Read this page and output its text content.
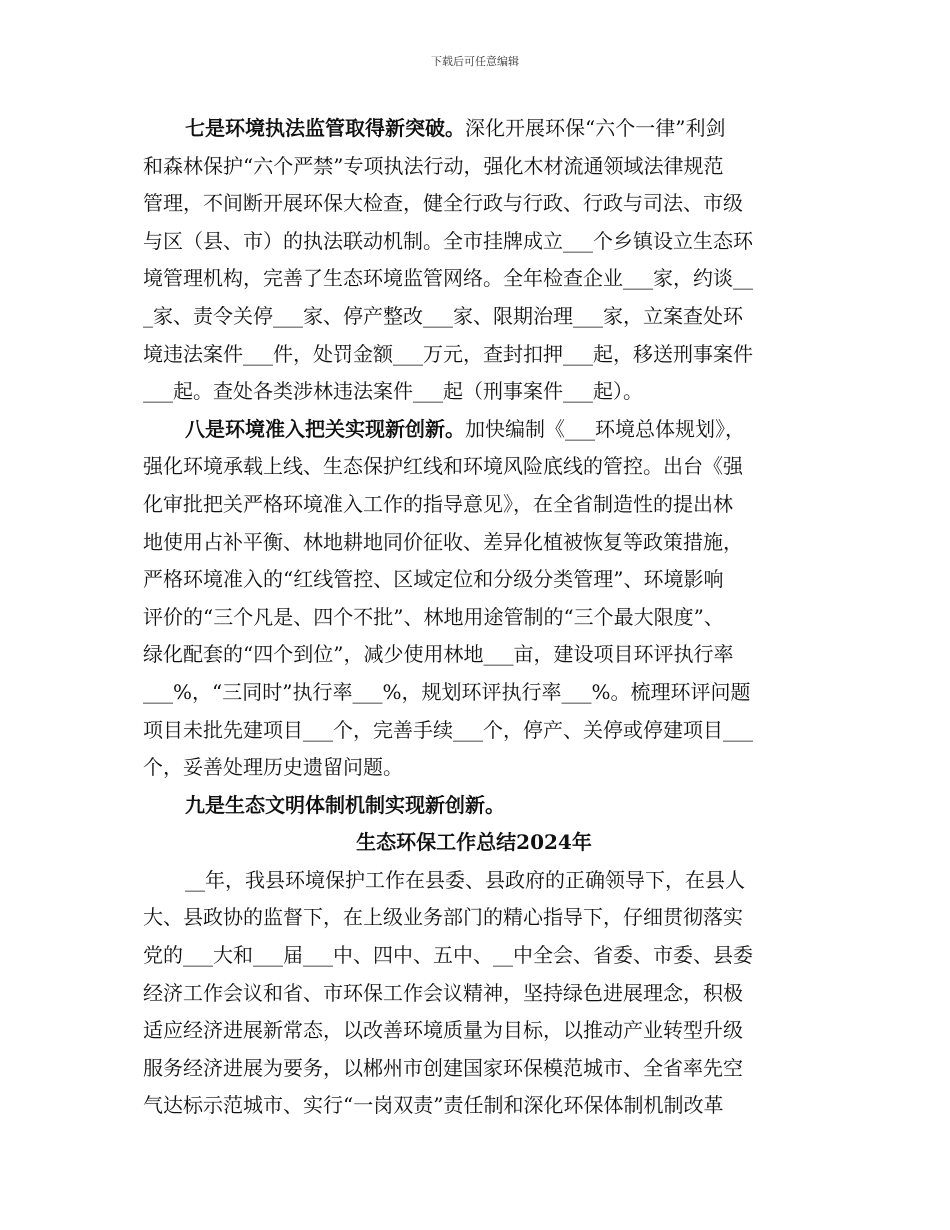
下载后可任意编辑
七是环境执法监管取得新突破。深化开展环保“六个一律”利剑
和森林保护“六个严禁”专项执法行动，强化木材流通领域法律规范
管理，不间断开展环保大检查，健全行政与行政、行政与司法、市级
与区（县、市）的执法联动机制。全市挂牌成立___个乡镇设立生态环
境管理机构，完善了生态环境监管网络。全年检查企业___家，约谈__
_家、责令关停___家、停产整改___家、限期治理___家，立案查处环
境违法案件___件，处罚金额___万元，查封扣押___起，移送刑事案件
___起。查处各类涉林违法案件___起（刑事案件___起）。
八是环境准入把关实现新创新。加快编制《___环境总体规划》，
强化环境承载上线、生态保护红线和环境风险底线的管控。出台《强
化审批把关严格环境准入工作的指导意见》，在全省制造性的提出林
地使用占补平衡、林地耕地同价征收、差异化植被恢复等政策措施，
严格环境准入的“红线管控、区域定位和分级分类管理”、环境影响
评价的“三个凡是、四个不批”、林地用途管制的“三个最大限度”、
绿化配套的“四个到位”，减少使用林地___亩，建设项目环评执行率
___%，“三同时”执行率___%，规划环评执行率___%。梳理环评问题
项目未批先建项目___个，完善手续___个，停产、关停或停建项目___
个，妥善处理历史遗留问题。
九是生态文明体制机制实现新创新。
生态环保工作总结2024年
__年，我县环境保护工作在县委、县政府的正确领导下，在县人
大、县政协的监督下，在上级业务部门的精心指导下，仔细贯彻落实
党的___大和___届___中、四中、五中、__中全会、省委、市委、县委
经济工作会议和省、市环保工作会议精神，坚持绿色进展理念，积极
适应经济进展新常态，以改善环境质量为目标，以推动产业转型升级
服务经济进展为要务，以郴州市创建国家环保模范城市、全省率先空
气达标示范城市、实行“一岗双责”责任制和深化环保体制机制改革
